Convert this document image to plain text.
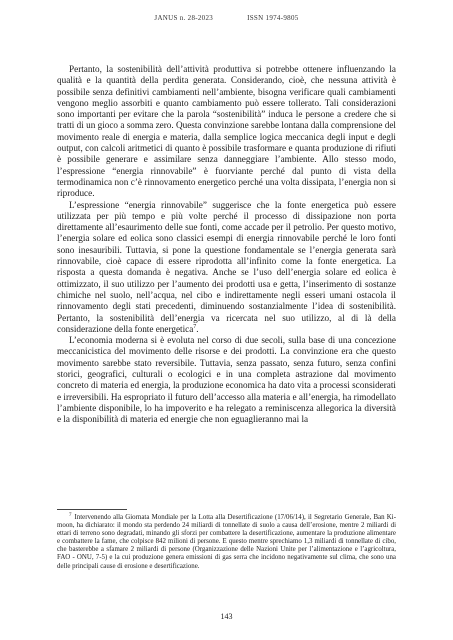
JANUS n. 28-2023	ISSN 1974-9805

Pertanto, la sostenibilità dell’attività produttiva si potrebbe ottenere influenzando la qualità e la quantità della perdita generata. Considerando, cioè, che nessuna attività è possibile senza definitivi cambiamenti nell’ambiente, bisogna verificare quali cambiamenti vengono meglio assorbiti e quanto cambiamento può essere tollerato. Tali considerazioni sono importanti per evitare che la parola “sostenibilità” induca le persone a credere che si tratti di un gioco a somma zero. Questa convinzione sarebbe lontana dalla comprensione del movimento reale di energia e materia, dalla semplice logica meccanica degli input e degli output, con calcoli aritmetici di quanto è possibile trasformare e quanta produzione di rifiuti è possibile generare e assimilare senza danneggiare l’ambiente. Allo stesso modo, l’espressione “energia rinnovabile” è fuorviante perché dal punto di vista della termodinamica non c’è rinnovamento energetico perché una volta dissipata, l’energia non si riproduce.

L’espressione “energia rinnovabile” suggerisce che la fonte energetica può essere utilizzata per più tempo e più volte perché il processo di dissipazione non porta direttamente all’esaurimento delle sue fonti, come accade per il petrolio. Per questo motivo, l’energia solare ed eolica sono classici esempi di energia rinnovabile perché le loro fonti sono inesauribili. Tuttavia, si pone la questione fondamentale se l’energia generata sarà rinnovabile, cioè capace di essere riprodotta all’infinito come la fonte energetica. La risposta a questa domanda è negativa. Anche se l’uso dell’energia solare ed eolica è ottimizzato, il suo utilizzo per l’aumento dei prodotti usa e getta, l’inserimento di sostanze chimiche nel suolo, nell’acqua, nel cibo e indirettamente negli esseri umani ostacola il rinnovamento degli stati precedenti, diminuendo sostanzialmente l’idea di sostenibilità. Pertanto, la sostenibilità dell’energia va ricercata nel suo utilizzo, al di là della considerazione della fonte energetica$^7$.

L’economia moderna si è evoluta nel corso di due secoli, sulla base di una concezione meccanicistica del movimento delle risorse e dei prodotti. La convinzione era che questo movimento sarebbe stato reversibile. Tuttavia, senza passato, senza futuro, senza confini storici, geografici, culturali o ecologici e in una completa astrazione dal movimento concreto di materia ed energia, la produzione economica ha dato vita a processi sconsiderati e irreversibili. Ha espropriato il futuro dell’accesso alla materia e all’energia, ha rimodellato l’ambiente disponibile, lo ha impoverito e ha relegato a reminiscenza allegorica la diversità e la disponibilità di materia ed energie che non eguaglieranno mai la

$^7$ Intervenendo alla Giornata Mondiale per la Lotta alla Desertificazione (17/06/14), il Segretario Generale, Ban Ki-moon, ha dichiarato: il mondo sta perdendo 24 miliardi di tonnellate di suolo a causa dell’erosione, mentre 2 miliardi di ettari di terreno sono degradati, minando gli sforzi per combattere la desertificazione, aumentare la produzione alimentare e combattere la fame, che colpisce 842 milioni di persone. E questo mentre sprechiamo 1,3 miliardi di tonnellate di cibo, che basterebbe a sfamare 2 miliardi di persone (Organizzazione delle Nazioni Unite per l’alimentazione e l’agricoltura, FAO - ONU, 7-5) e la cui produzione genera emissioni di gas serra che incidono negativamente sul clima, che sono una delle principali cause di erosione e desertificazione.

143
